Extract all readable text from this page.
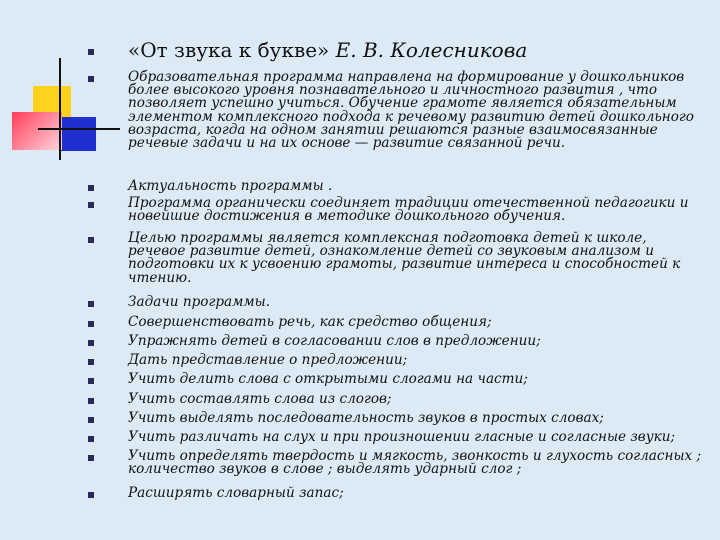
«От звука к букве» Е. В. Колесникова
Образовательная программа направлена на формирование у дошкольников более высокого уровня познавательного и личностного развития , что позволяет успешно учиться. Обучение грамоте является обязательным элементом комплексного подхода к речевому развитию детей дошкольного возраста, когда на одном занятии решаются разные взаимосвязанные речевые задачи и на их основе — развитие связанной речи.
Актуальность программы .
Программа органически соединяет традиции отечественной педагогики и новейшие достижения в методике дошкольного обучения.
Целью программы является комплексная подготовка детей к школе, речевое развитие детей, ознакомление детей со звуковым анализом и подготовки их к усвоению грамоты, развитие интереса и способностей к чтению.
Задачи программы.
Совершенствовать речь, как средство общения;
Упражнять детей в согласовании слов в предложении;
Дать представление о предложении;
Учить делить слова с открытыми слогами на части;
Учить составлять слова из слогов;
Учить выделять последовательность звуков в простых словах;
Учить различать на слух и при произношении гласные и согласные звуки;
Учить определять твердость и мягкость, звонкость и глухость согласных ; количество звуков в слове ; выделять ударный слог ;
Расширять словарный запас;
